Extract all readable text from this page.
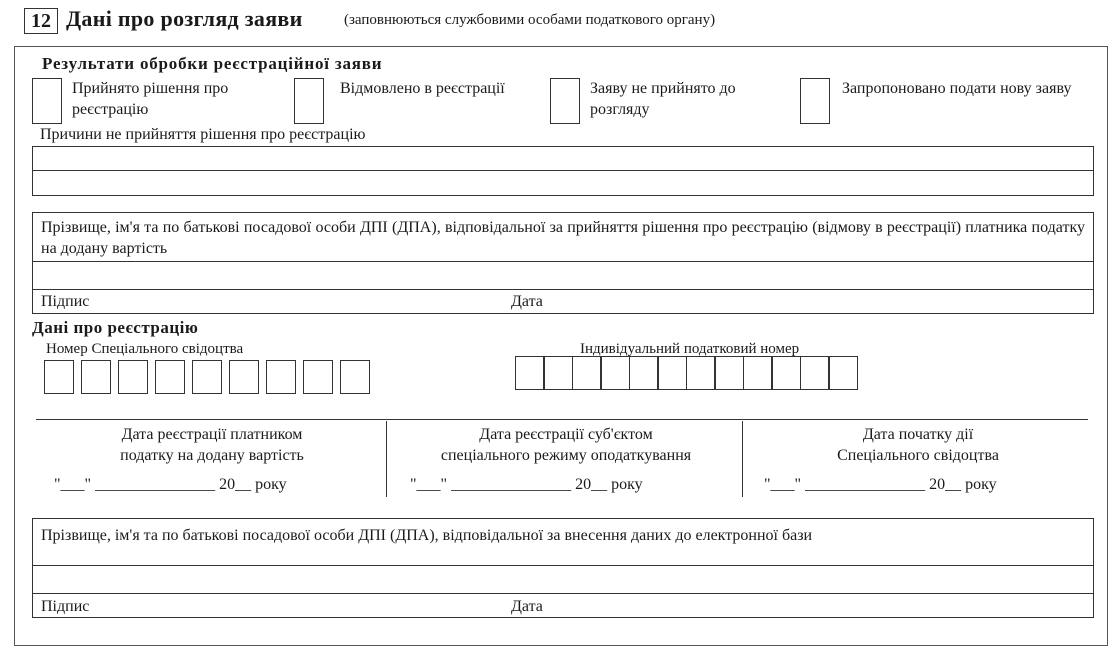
12 Дані про розгляд заяви	(заповнюються службовими особами податкового органу)
Результати обробки реєстраційної заяви
Прийнято рішення про реєстрацію
Відмовлено в реєстрації	Заяву не прийнято до розгляду
Запропоновано подати нову заяву
Причини не прийняття рішення про реєстрацію
Прізвище, ім'я та по батькові посадової особи ДПІ (ДПА), відповідальної за прийняття рішення про реєстрацію (відмову в реєстрації) платника податку на додану вартість
Підпис	Дата
Дані про реєстрацію
Номер Спеціального свідоцтва	Індивідуальний податковий номер
Дата реєстрації платником
податку на додану вартість
"___" _______________ 20__ року
Дата реєстрації суб'єктом
спеціального режиму оподаткування
"___" _______________ 20__ року
Дата початку дії
Спеціального свідоцтва
"___" _______________ 20__ року
Прізвище, ім'я та по батькові посадової особи ДПІ (ДПА), відповідальної за внесення даних до електронної бази
Підпис	Дата
